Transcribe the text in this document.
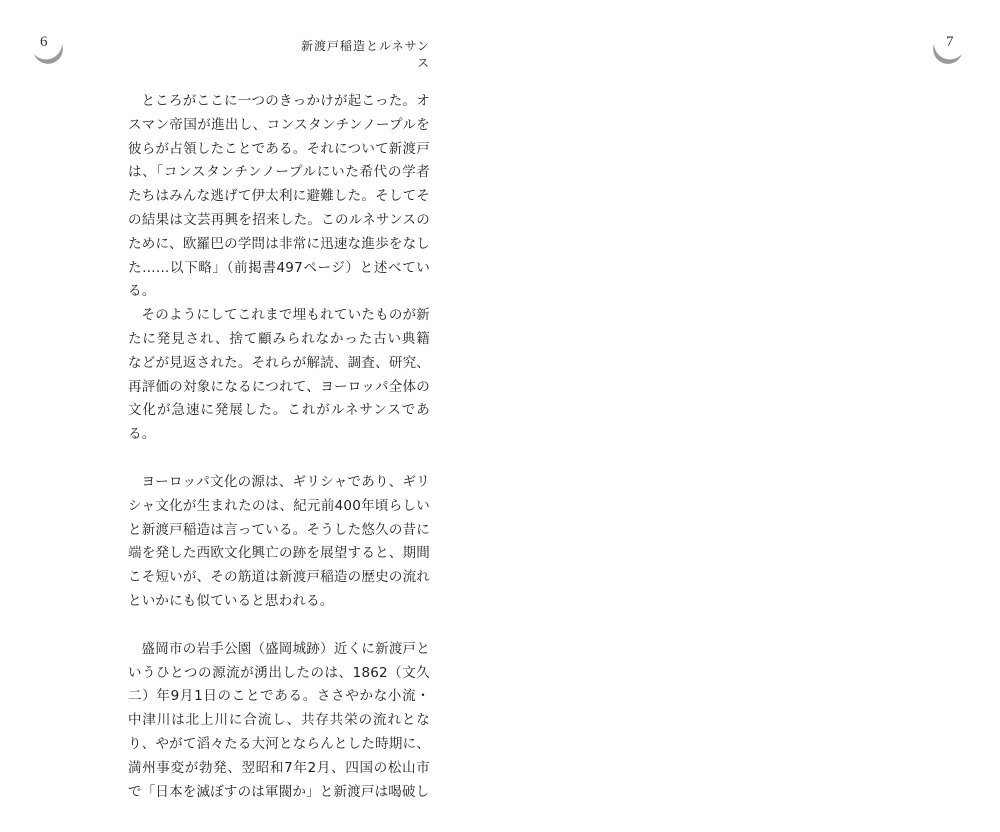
6	新渡戸稲造とルネサンス

ところがここに一つのきっかけが起こった。オスマン帝国が進出し、コンスタンチンノープルを彼らが占領したことである。それについて新渡戸は、「コンスタンチンノープルにいた希代の学者たちはみんな逃げて伊太利に避難した。そしてその結果は文芸再興を招来した。このルネサンスのために、欧羅巴の学問は非常に迅速な進歩をなした……以下略」（前掲書497ページ）と述べている。

そのようにしてこれまで埋もれていたものが新たに発見され、捨て顧みられなかった古い典籍などが見返された。それらが解読、調査、研究、再評価の対象になるにつれて、ヨーロッパ全体の文化が急速に発展した。これがルネサンスである。

ヨーロッパ文化の源は、ギリシャであり、ギリシャ文化が生まれたのは、紀元前400年頃らしいと新渡戸稲造は言っている。そうした悠久の昔に端を発した西欧文化興亡の跡を展望すると、期間こそ短いが、その筋道は新渡戸稲造の歴史の流れといかにも似ていると思われる。

盛岡市の岩手公園（盛岡城跡）近くに新渡戸というひとつの源流が湧出したのは、1862（文久二）年9月1日のことである。ささやかな小流・中津川は北上川に合流し、共存共栄の流れとなり、やがて滔々たる大河とならんとした時期に、満州事変が勃発、翌昭和7年2月、四国の松山市で「日本を滅ぼすのは軍閥か」と新渡戸は喝破し

7
